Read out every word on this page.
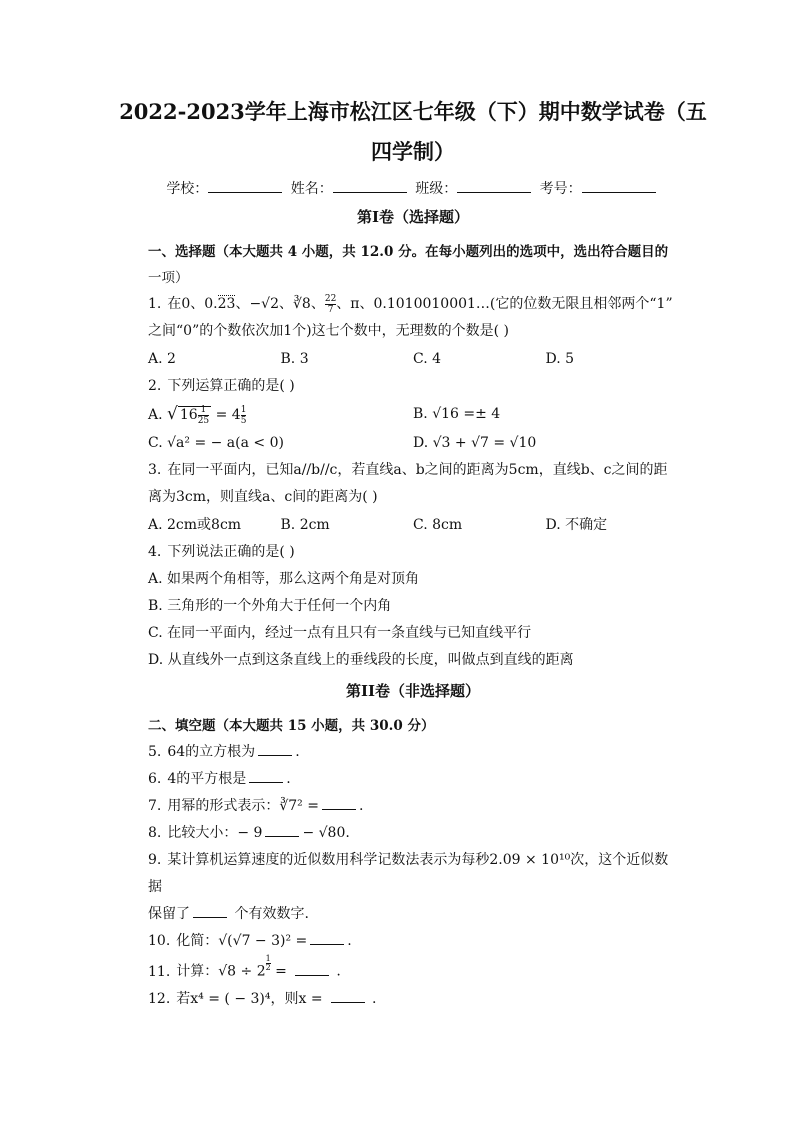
2022-2023学年上海市松江区七年级（下）期中数学试卷（五
四学制）
学校：	姓名：	班级：	考号：
第I卷（选择题）
一、选择题（本大题共 4 小题，共 12.0 分。在每小题列出的选项中，选出符合题目的
一项）
1. 在0、0.23、−√2、∛8、 $\frac{22}{7}$ 、π、0.1010010001…(它的位数无限且相邻两个“1”
之间“0”的个数依次加1个)这七个数中，无理数的个数是( )
A. 2	B. 3	C. 4	D. 5
2. 下列运算正确的是( )
A. √ $16 \frac{1}{25} = 4 \frac{1}{5}$	B. √16 =± 4
C. √a² = − a(a < 0)	D. √3 + √7 = √10
3. 在同一平面内，已知a//b//c，若直线a、b之间的距离为5cm，直线b、c之间的距
离为3cm，则直线a、c间的距离为( )
A. 2cm或8cm	B. 2cm	C. 8cm	D. 不确定
4. 下列说法正确的是( )
A. 如果两个角相等，那么这两个角是对顶角
B. 三角形的一个外角大于任何一个内角
C. 在同一平面内，经过一点有且只有一条直线与已知直线平行
D. 从直线外一点到这条直线上的垂线段的长度，叫做点到直线的距离
第II卷（非选择题）
二、填空题（本大题共 15 小题，共 30.0 分）
5. 64的立方根为	.
6. 4的平方根是	.
7. 用幂的形式表示：∛7² =	.
8. 比较大小：− 9	− √80.
9. 某计算机运算速度的近似数用科学记数法表示为每秒2.09 × 10¹⁰次，这个近似数据
保留了	个有效数字.
10. 化简：√(√7 − 3)² =	.
11. 计算：$√8 \div 2 \frac{1}{2}$ =	.
12. 若x⁴ = ( − 3)⁴，则x =	.
